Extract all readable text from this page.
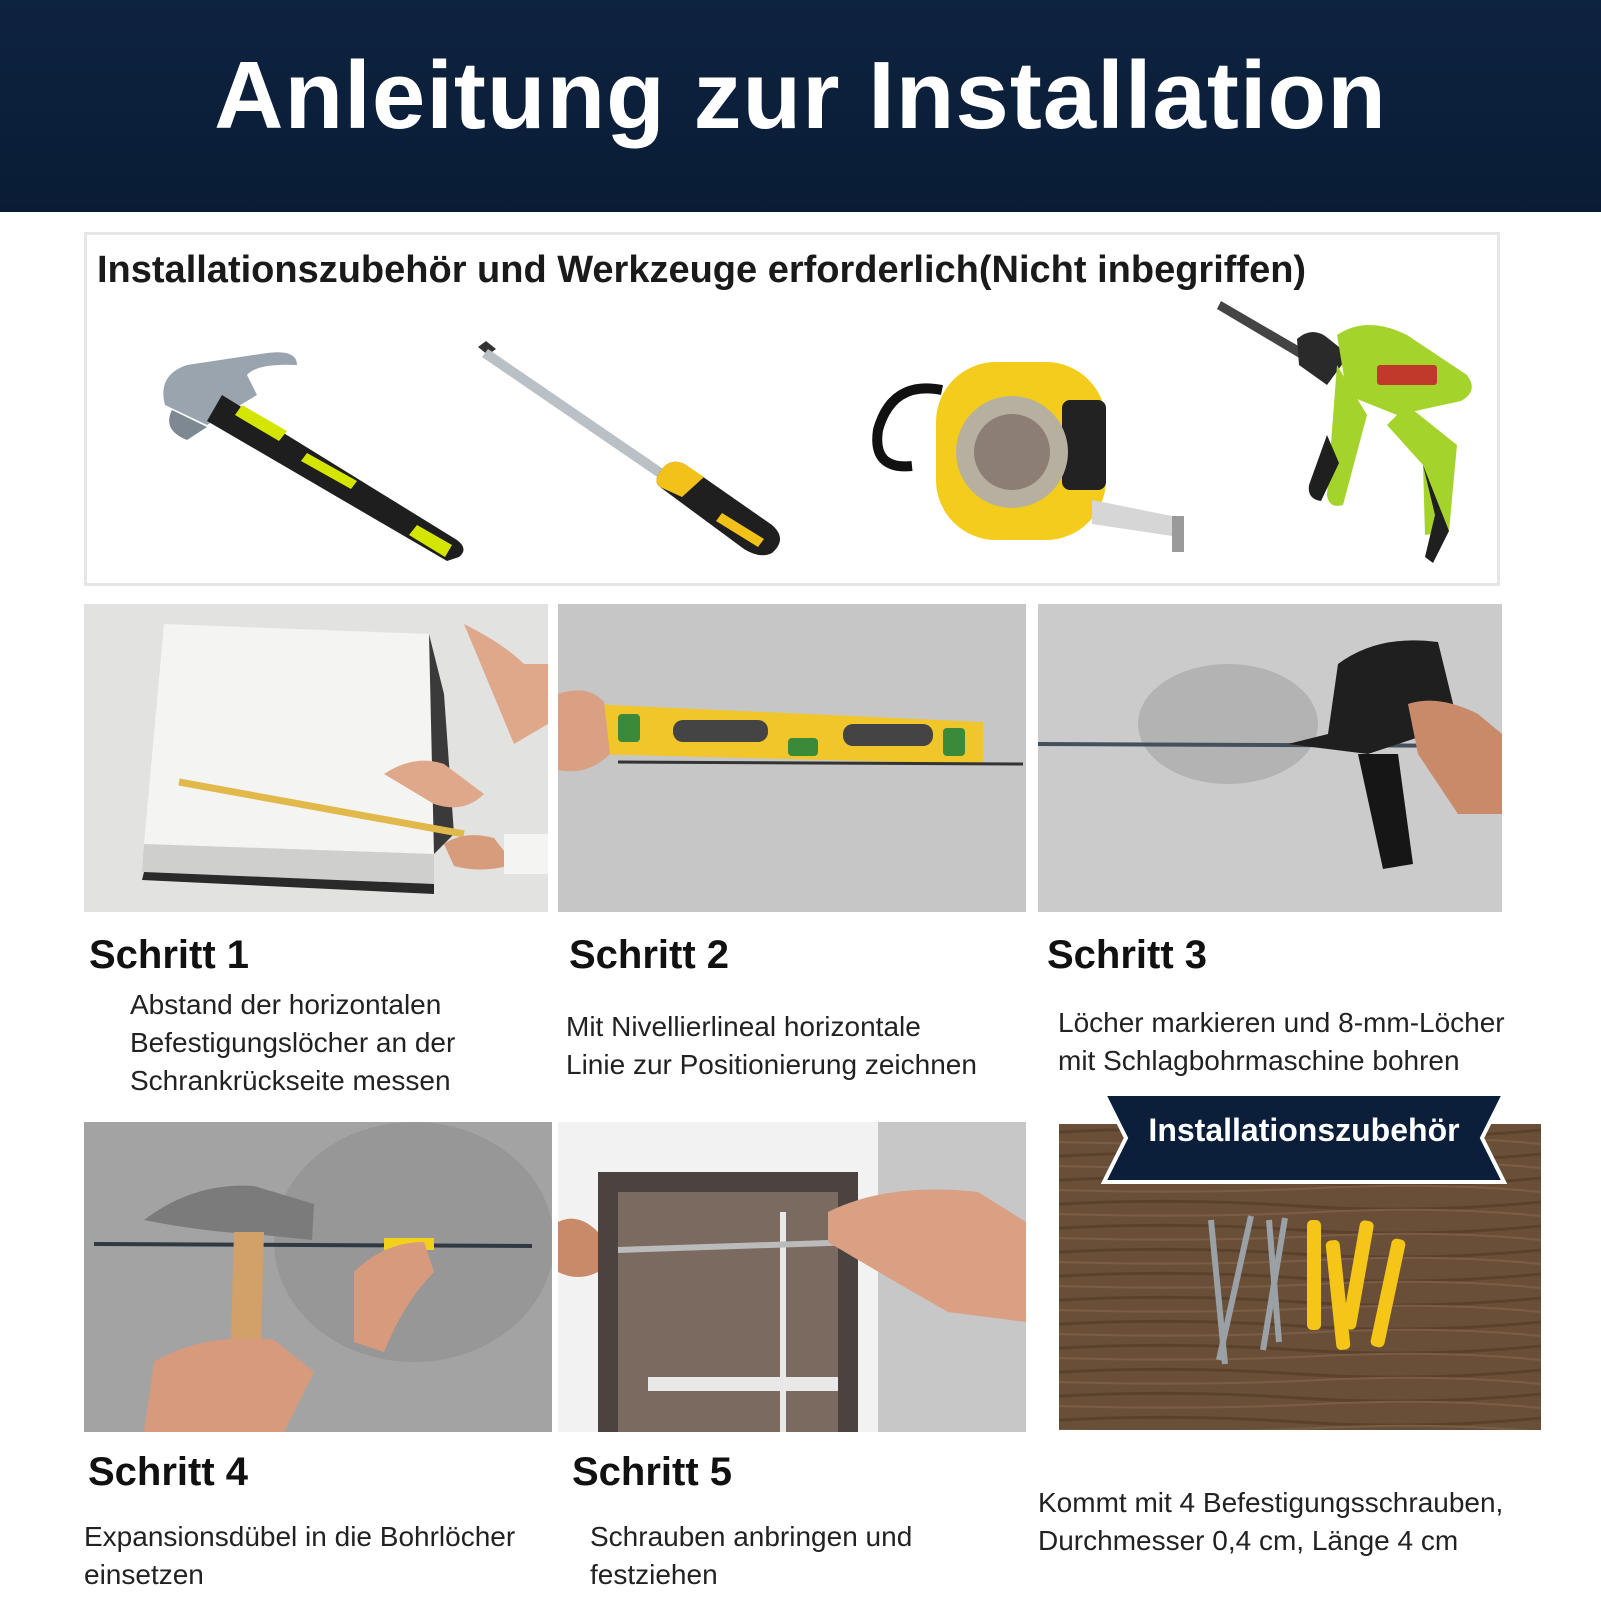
Anleitung zur Installation
Installationszubehör und Werkzeuge erforderlich(Nicht inbegriffen)
Schritt 1
Abstand der horizontalen
Befestigungslöcher an der
Schrankrückseite messen
Schritt 2
Mit Nivellierlineal horizontale
Linie zur Positionierung zeichnen
Schritt 3
Löcher markieren und 8-mm-Löcher
mit Schlagbohrmaschine bohren
Installationszubehör
Schritt 4
Expansionsdübel in die Bohrlöcher
einsetzen
Schritt 5
Schrauben anbringen und
festziehen
Kommt mit 4 Befestigungsschrauben,
Durchmesser 0,4 cm, Länge 4 cm
